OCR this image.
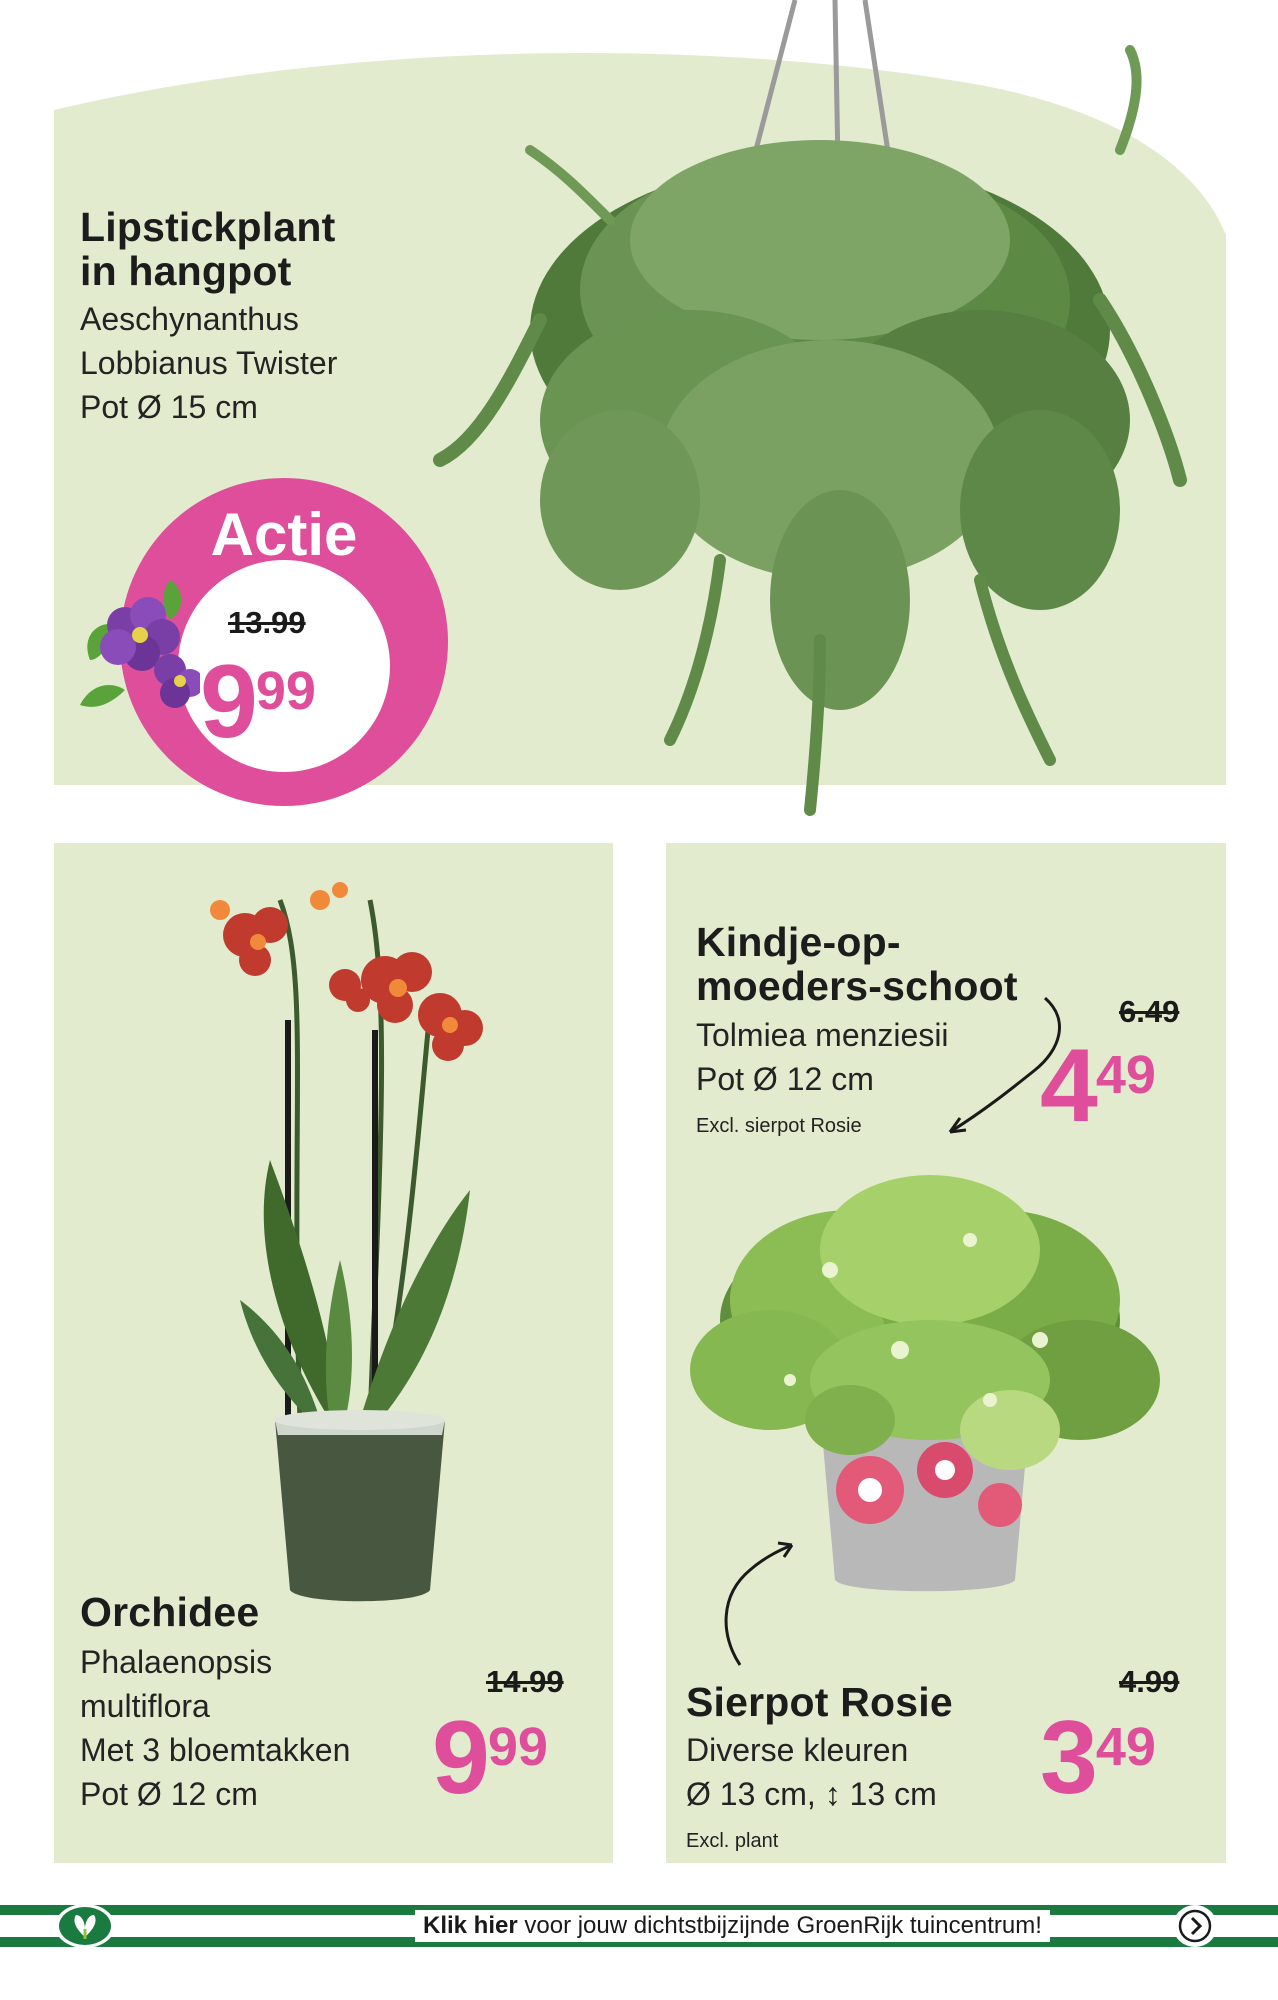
Lipstickplant
in hangpot
Aeschynanthus
Lobbianus Twister
Pot Ø 15 cm
Actie
13.99
999
Orchidee
Phalaenopsis
multiflora
Met 3 bloemtakken
Pot Ø 12 cm
14.99
999
Kindje-op-
moeders-schoot
Tolmiea menziesii
Pot Ø 12 cm
Excl. sierpot Rosie
6.49
449
Sierpot Rosie
Diverse kleuren
Ø 13 cm, ↕ 13 cm
Excl. plant
4.99
349
Klik hier voor jouw dichtstbijzijnde GroenRijk tuincentrum!
